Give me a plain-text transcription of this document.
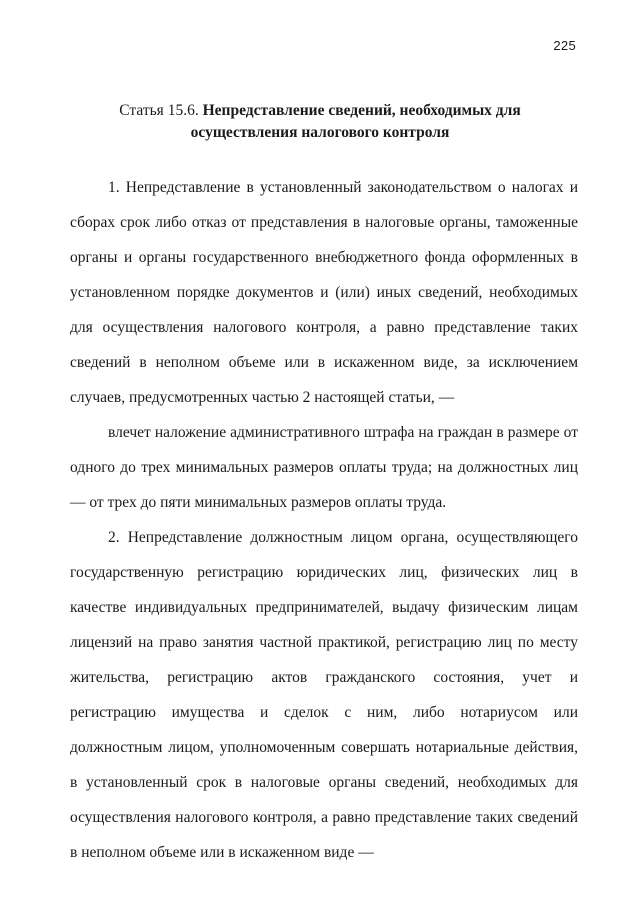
225
Статья 15.6. Непредставление сведений, необходимых для
осуществления налогового контроля

1. Непредставление в установленный законодательством о налогах и сборах срок либо отказ от представления в налоговые органы, таможенные органы и органы государственного внебюджетного фонда оформленных в установленном порядке документов и (или) иных сведений, необходимых для осуществления налогового контроля, а равно представление таких сведений в неполном объеме или в искаженном виде, за исключением случаев, предусмотренных частью 2 настоящей статьи, —

влечет наложение административного штрафа на граждан в размере от одного до трех минимальных размеров оплаты труда; на должностных лиц — от трех до пяти минимальных размеров оплаты труда.

2. Непредставление должностным лицом органа, осуществляющего государственную регистрацию юридических лиц, физических лиц в качестве индивидуальных предпринимателей, выдачу физическим лицам лицензий на право занятия частной практикой, регистрацию лиц по месту жительства, регистрацию актов гражданского состояния, учет и регистрацию имущества и сделок с ним, либо нотариусом или должностным лицом, уполномоченным совершать нотариальные действия, в установленный срок в налоговые органы сведений, необходимых для осуществления налогового контроля, а равно представление таких сведений в неполном объеме или в искаженном виде —
